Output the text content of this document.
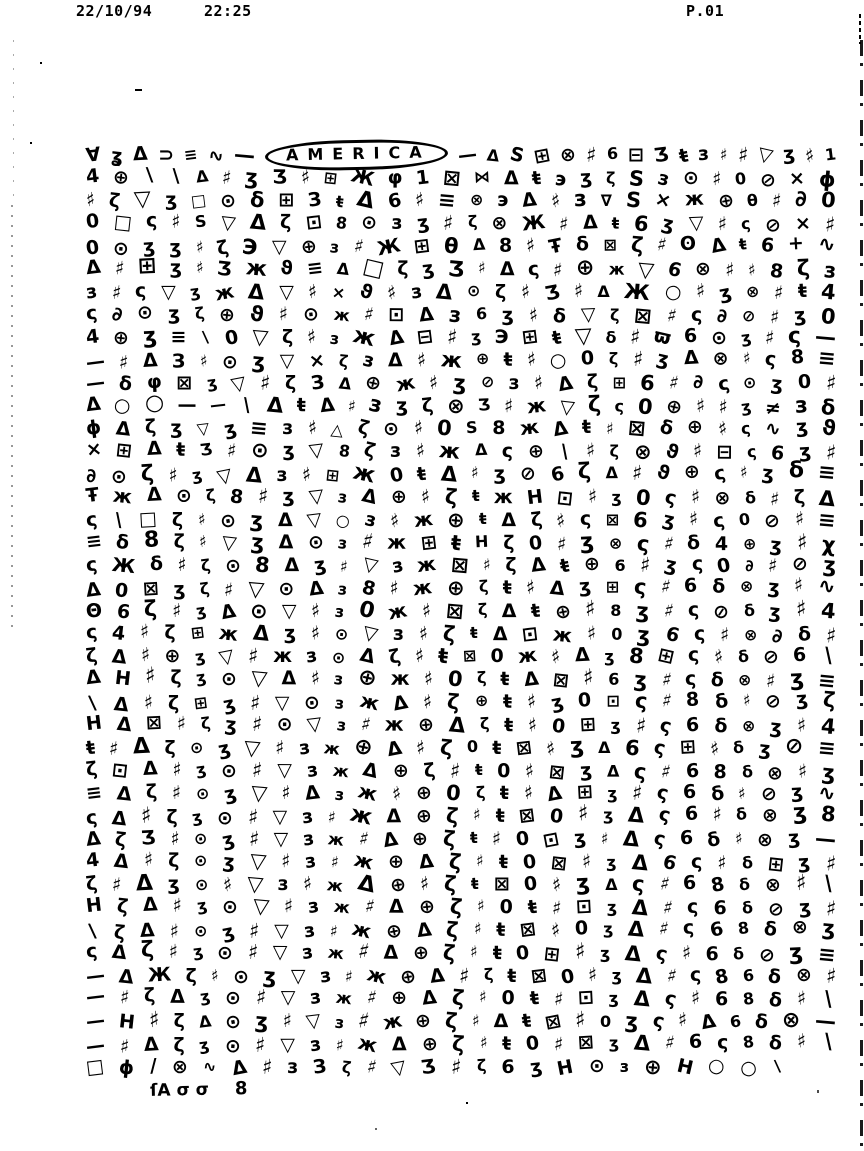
22/10/94	22:25	P.01
∀ ʓ Δ ⊃ ≡ ∿ —	AMERICA	— Δ S ⊞ ⊗ ♯ 6 ⊟ Ӡ ŧ з ♯ ♯ ▽ ʒ ♯ 1
4 ⊕ ∖ ∖ Δ ♯ ʒ Ӡ ♯ ⊞ Ж φ 1 ⊠ ⋈ Δ ŧ э ʒ ζ S з ⊙ ♯ 0 ⊘ × ɸ
♯ ζ ▽ ʒ □ ⊙ δ ⊞ З ŧ Δ 6 ♯ ≡ ⊗ э Δ ♯ з ∇ S × ж ⊕ θ ♯ ∂ 0
0 □ ς ♯ S ▽ Δ ζ ⊡ 8 ⊙ з ӡ ♯ ζ ⊗ Ж ♯ Δ ŧ 6 ʒ ▽ ♯ ς ⊘ × ♯
0 ⊙ ʒ ӡ ♯ ζ Э ▽ ⊕ з ♯ Ж ⊞ θ Δ 8 ♯ Ŧ δ ⊠ ζ ♯ ʘ Δ ŧ 6 + ∿
Δ ♯ ⊞ ʒ ♯ Ӡ ж ϑ ≡ Δ □ ζ ʒ Ʒ ♯ Δ ς ♯ ⊕ ж ▽ 6 ⊗ ♯ ♯ 8 ζ з
з ♯ ς ▽ ʒ ж Δ ▽ ♯ × ϑ ♯ з Δ ⊙ ζ ♯ Ӡ ♯ Δ Ж ○ ♯ ʒ ⊗ ♯ ŧ 4
ς ∂ ⊙ ʒ ζ ⊕ ϑ ♯ ⊙ ж ♯ ⊡ Δ з 6 ӡ ♯ δ ▽ ζ ⊠ ♯ ς ∂ ⊘ ♯ ʒ 0
4 ⊕ ӡ ≡ ∖ 0 ▽ ζ ♯ з ж Δ ⊟ ♯ ʒ Э ⊞ ŧ ▽ δ ♯ ϖ 6 ⊙ ʒ ♯ ς —
— ♯ Δ З ♯ ⊙ ʒ ▽ × ζ з Δ ♯ ж ⊕ ŧ ♯ ○ 0 ζ ♯ ʒ Δ ⊗ ♯ ς 8 ≡
— δ φ ⊠ ʒ ▽ ♯ ζ З Δ ⊕ ж ♯ ӡ ⊘ з ♯ Δ ζ ⊞ 6 ♯ ∂ ς ⊙ ʒ 0 ♯
Δ ○ ○ — — ∖ Δ ŧ Δ ♯ з ʒ ζ ⊗ Ӡ ♯ ж ▽ ζ ς 0 ⊕ ♯ ♯ ʒ ≠ з δ
ɸ Δ ζ ʒ ▽ ӡ ≡ з ♯ △ ζ ⊙ ♯ 0 S 8 ж Δ ŧ ♯ ⊠ δ ⊕ ♯ ς ∿ ʒ ϑ
× ⊞ Δ ŧ Ʒ ♯ ⊙ ӡ ▽ 8 ζ з ♯ ж Δ ς ⊕ ∖ ♯ ζ ⊗ ϑ ♯ ⊟ ς 6 ʒ ♯
∂ ⊙ ζ ♯ ʒ ▽ Δ з ♯ ⊞ ж 0 ŧ Δ ♯ ӡ ⊘ 6 ζ Δ ♯ ϑ ⊕ ς ♯ ʒ δ ≡
Ŧ ж Δ ⊙ ζ 8 ♯ ʒ ▽ з Δ ⊕ ♯ ζ ŧ ж Η ⊡ ♯ ӡ 0 ς ♯ ⊗ δ ♯ ζ Δ
ς ∖ □ ζ ♯ ⊙ ʒ Δ ▽ ○ з ♯ ж ⊕ ŧ Δ ζ ♯ ς ⊠ 6 ӡ ♯ ς 0 ⊘ ♯ ≡
≡ δ 8 ζ ♯ ▽ ʒ Δ ⊙ з ♯ ж ⊞ ŧ Η ζ 0 ♯ ӡ ⊗ ς ♯ δ 4 ⊕ ʒ ♯ χ
ς Ж δ ♯ ζ ⊙ 8 Δ ʒ ♯ ▽ з ж ⊠ ♯ ζ Δ ŧ ⊕ 6 ♯ ӡ ς 0 ∂ ♯ ⊘ ʒ
Δ 0 ⊠ ʒ ζ ♯ ▽ ⊙ Δ з 8 ♯ ж ⊕ ζ ŧ ♯ Δ ӡ ⊞ ς ♯ 6 δ ⊗ ʒ ♯ ∿
Θ 6 ζ ♯ ʒ Δ ⊙ ▽ ♯ з 0 ж ♯ ⊠ ζ Δ ŧ ⊕ ♯ 8 ӡ ♯ ς ⊘ δ ʒ ♯ 4
ς 4 ♯ ζ ⊞ ж Δ ʒ ♯ ⊙ ▽ з ♯ ζ ŧ Δ ⊡ ж ♯ 0 ӡ 6 ς ♯ ⊗ ∂ δ ♯
ζ Δ ♯ ⊕ ʒ ▽ ♯ ж з ⊙ Δ ζ ♯ ŧ ⊠ 0 ж ♯ Δ ӡ 8 ⊞ ς ♯ δ ⊘ 6 ∖
Δ Η ♯ ζ ʒ ⊙ ▽ Δ ♯ з ⊕ ж ♯ 0 ζ ŧ Δ ⊠ ♯ 6 ӡ ♯ ς δ ⊗ ♯ ʒ ≡
∖ Δ ♯ ζ ⊞ ʒ ♯ ▽ ⊙ з ж Δ ♯ ζ ⊕ ŧ ♯ ӡ 0 ⊡ ς ♯ 8 δ ♯ ⊘ ʒ ζ
Η Δ ⊠ ♯ ζ ʒ ♯ ⊙ ▽ з ♯ ж ⊕ Δ ζ ŧ ♯ 0 ⊞ ӡ ♯ ς 6 δ ⊗ ʒ ♯ 4
ŧ ♯ Δ ζ ⊙ ʒ ▽ ♯ з ж ⊕ Δ ♯ ζ 0 ŧ ⊠ ♯ ӡ Δ 6 ς ⊞ ♯ δ ʒ ⊘ ≡
ζ ⊡ Δ ♯ ʒ ⊙ ♯ ▽ з ж Δ ⊕ ζ ♯ ŧ 0 ♯ ⊠ ӡ Δ ς ♯ 6 8 δ ⊗ ♯ ʒ
≡ Δ ζ ♯ ⊙ ʒ ▽ ♯ Δ з ж ♯ ⊕ 0 ζ ŧ ♯ Δ ⊞ ӡ ♯ ς 6 δ ♯ ⊘ ʒ ∿
ς Δ ♯ ζ ʒ ⊙ ♯ ▽ з ♯ ж Δ ⊕ ζ ♯ ŧ ⊠ 0 ♯ ӡ Δ ς 6 ♯ δ ⊗ ʒ 8
Δ ζ Ʒ ♯ ⊙ ʒ ♯ ▽ з ж ♯ Δ ⊕ ζ ŧ ♯ 0 ⊡ ӡ ♯ Δ ς 6 δ ♯ ⊗ ʒ —
4 Δ ♯ ζ ⊙ ʒ ▽ ♯ з ♯ ж ⊕ Δ ζ ♯ ŧ 0 ⊠ ♯ ӡ Δ 6 ς ♯ δ ⊞ ʒ ♯
ζ ♯ Δ ʒ ⊙ ♯ ▽ з ♯ ж Δ ⊕ ♯ ζ ŧ ⊠ 0 ♯ ӡ Δ ς ♯ 6 8 δ ⊗ ♯ ∖
Η ζ Δ ♯ ʒ ⊙ ▽ ♯ з ж ♯ Δ ⊕ ζ ♯ 0 ŧ ♯ ⊡ ӡ Δ ♯ ς 6 δ ⊘ ʒ ♯
∖ ζ Δ ♯ ⊙ ʒ ♯ ▽ з ♯ ж ⊕ Δ ζ ♯ ŧ ⊠ ♯ 0 ӡ Δ ♯ ς 6 8 δ ⊗ ʒ
ς Δ ζ ♯ ʒ ⊙ ♯ ▽ з ж ♯ Δ ⊕ ζ ♯ ŧ 0 ⊞ ♯ ӡ Δ ς ♯ 6 δ ⊘ ʒ ≡
— Δ Ж ζ ♯ ⊙ ʒ ▽ з ♯ ж ⊕ Δ ♯ ζ ŧ ⊠ 0 ♯ ӡ Δ ♯ ς 8 6 δ ⊗ ♯
— ♯ ζ Δ ʒ ⊙ ♯ ▽ з ж ♯ ⊕ Δ ζ ♯ 0 ŧ ♯ ⊡ ӡ Δ ς ♯ 6 8 δ ♯ ∖
— Η ♯ ζ Δ ⊙ ʒ ♯ ▽ з ♯ ж ⊕ ζ ♯ Δ ŧ ⊠ ♯ 0 ӡ ς ♯ Δ 6 δ ⊗ —
— ♯ Δ ζ ʒ ⊙ ♯ ▽ з ♯ ж Δ ⊕ ζ ♯ ŧ 0 ♯ ⊠ ӡ Δ ♯ 6 ς 8 δ ♯ ∖
□ ɸ ∕ ⊗ ∿ Δ ♯ з З ζ ♯ ▽ Ӡ ♯ ζ 6 ʒ Η ⊙ з ⊕ Η ○ ○ ∖
ſA σ σ 8
